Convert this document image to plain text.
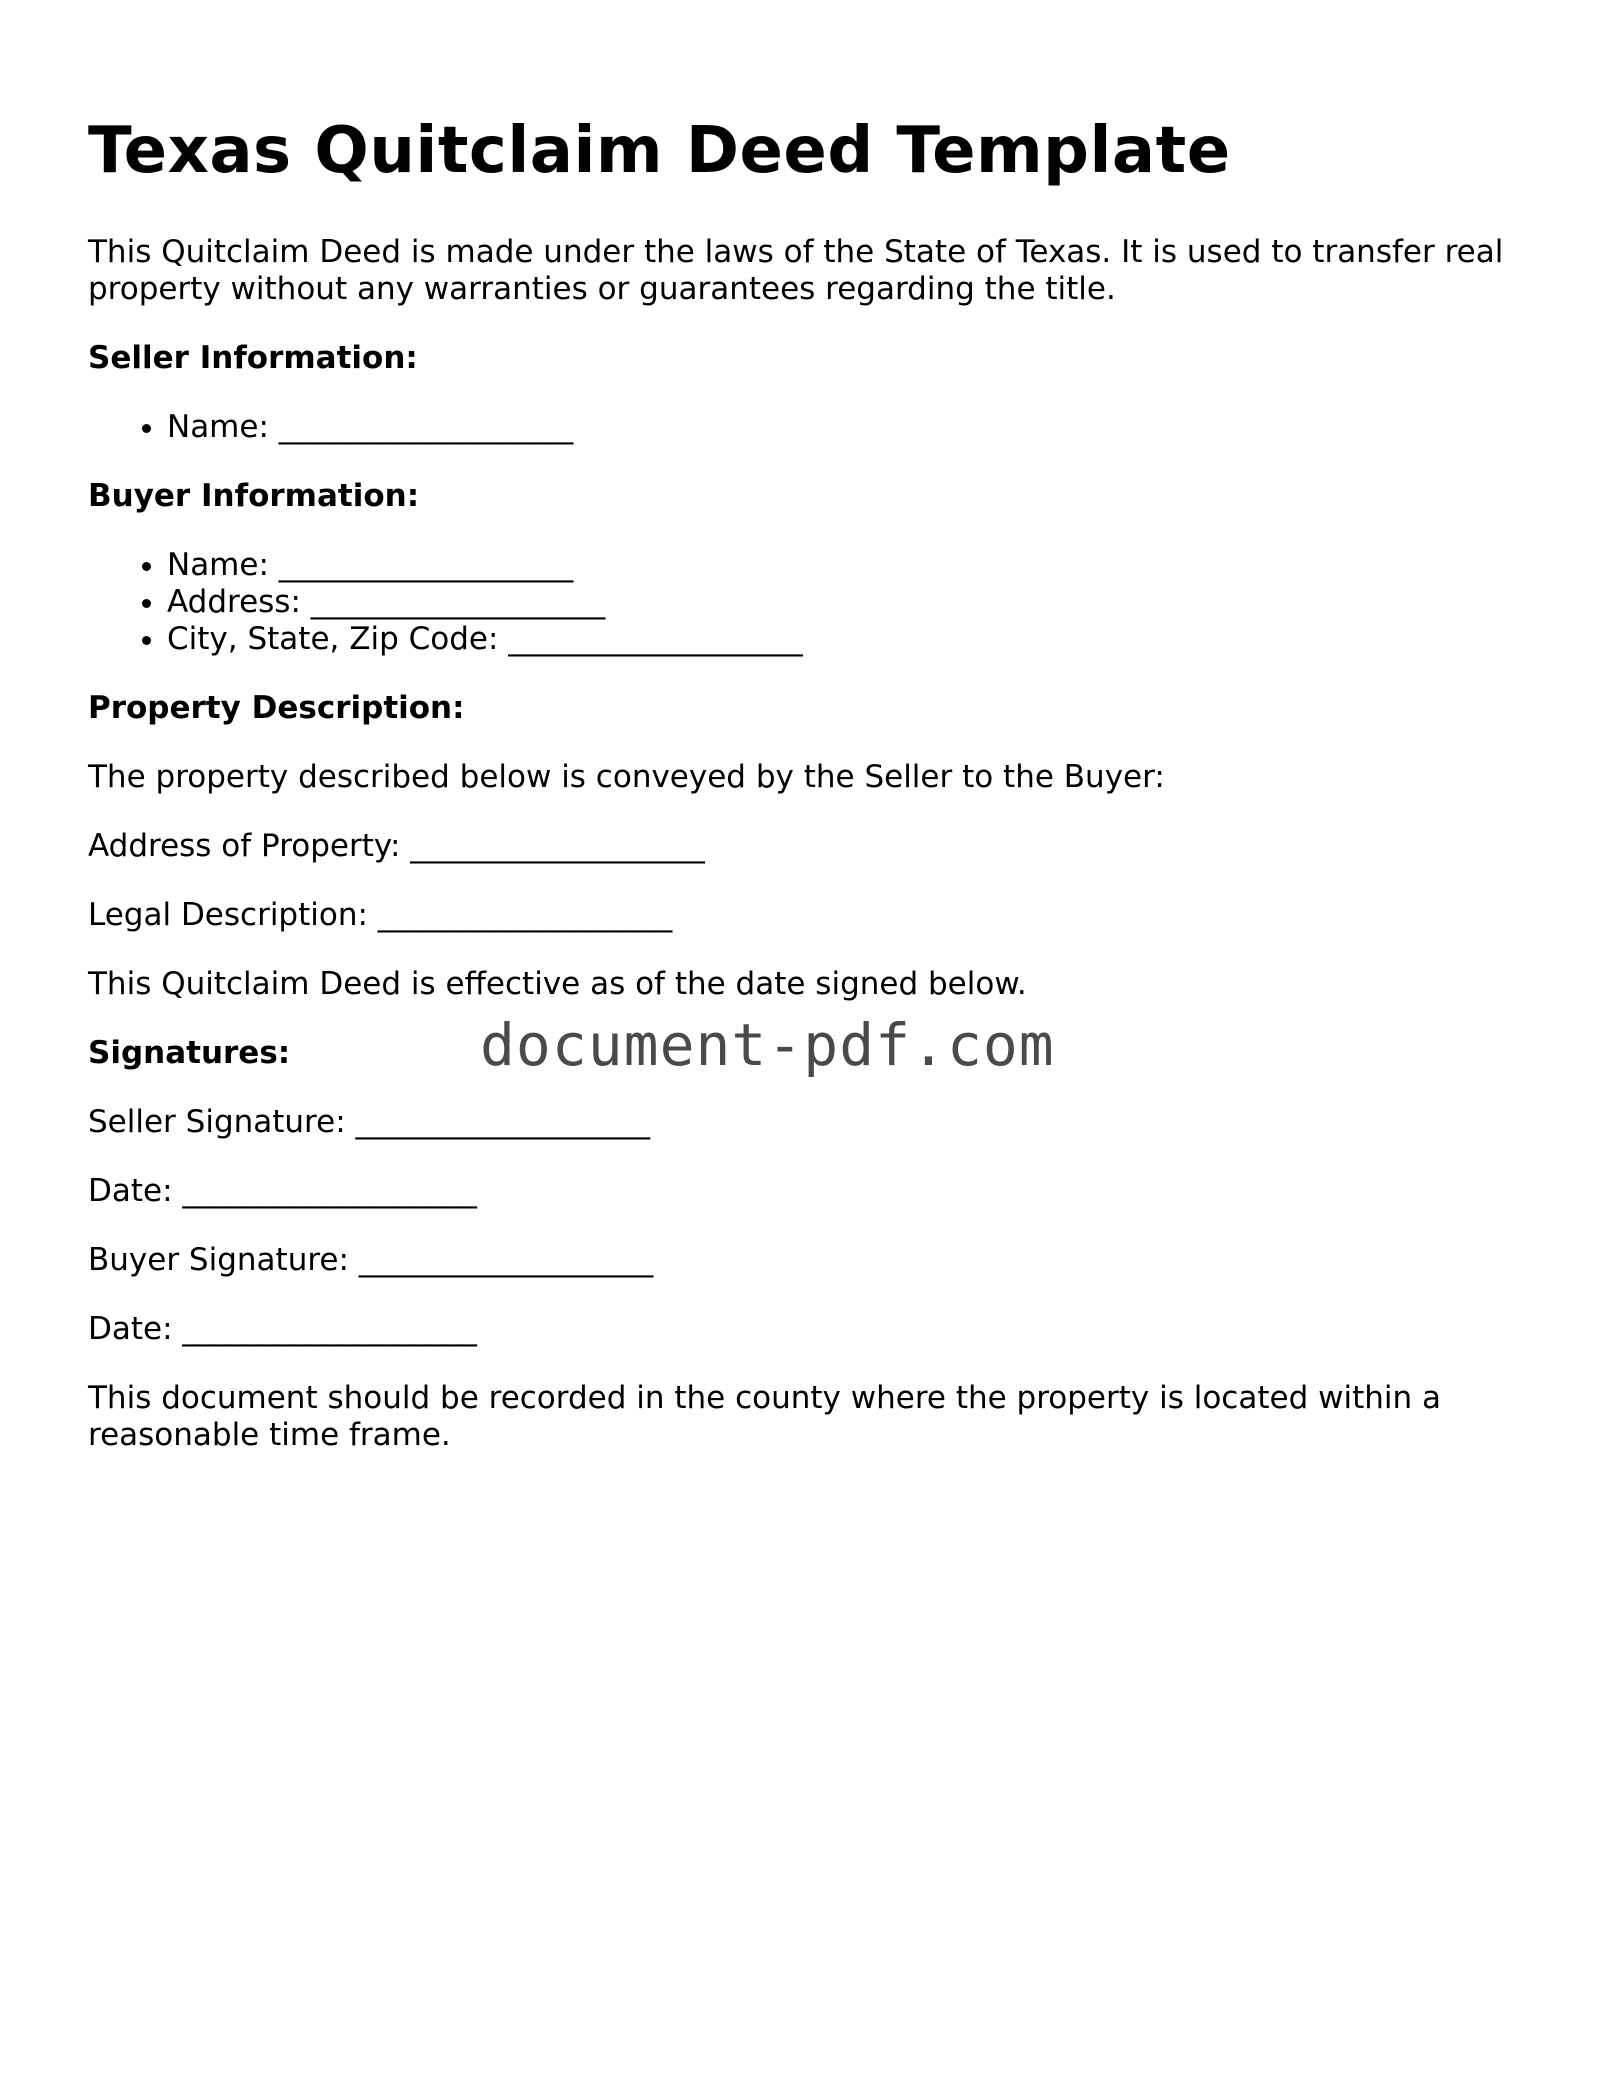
Texas Quitclaim Deed Template

This Quitclaim Deed is made under the laws of the State of Texas. It is used to transfer real property without any warranties or guarantees regarding the title.

Seller Information:
• Name: ___________________
Buyer Information:
• Name: ___________________
• Address: ___________________
• City, State, Zip Code: ___________________
Property Description:

The property described below is conveyed by the Seller to the Buyer:

Address of Property: ___________________

Legal Description: ___________________

This Quitclaim Deed is effective as of the date signed below.

Signatures:

Seller Signature: ___________________

Date: ___________________

Buyer Signature: ___________________

Date: ___________________

This document should be recorded in the county where the property is located within a reasonable time frame.

document-pdf.com
